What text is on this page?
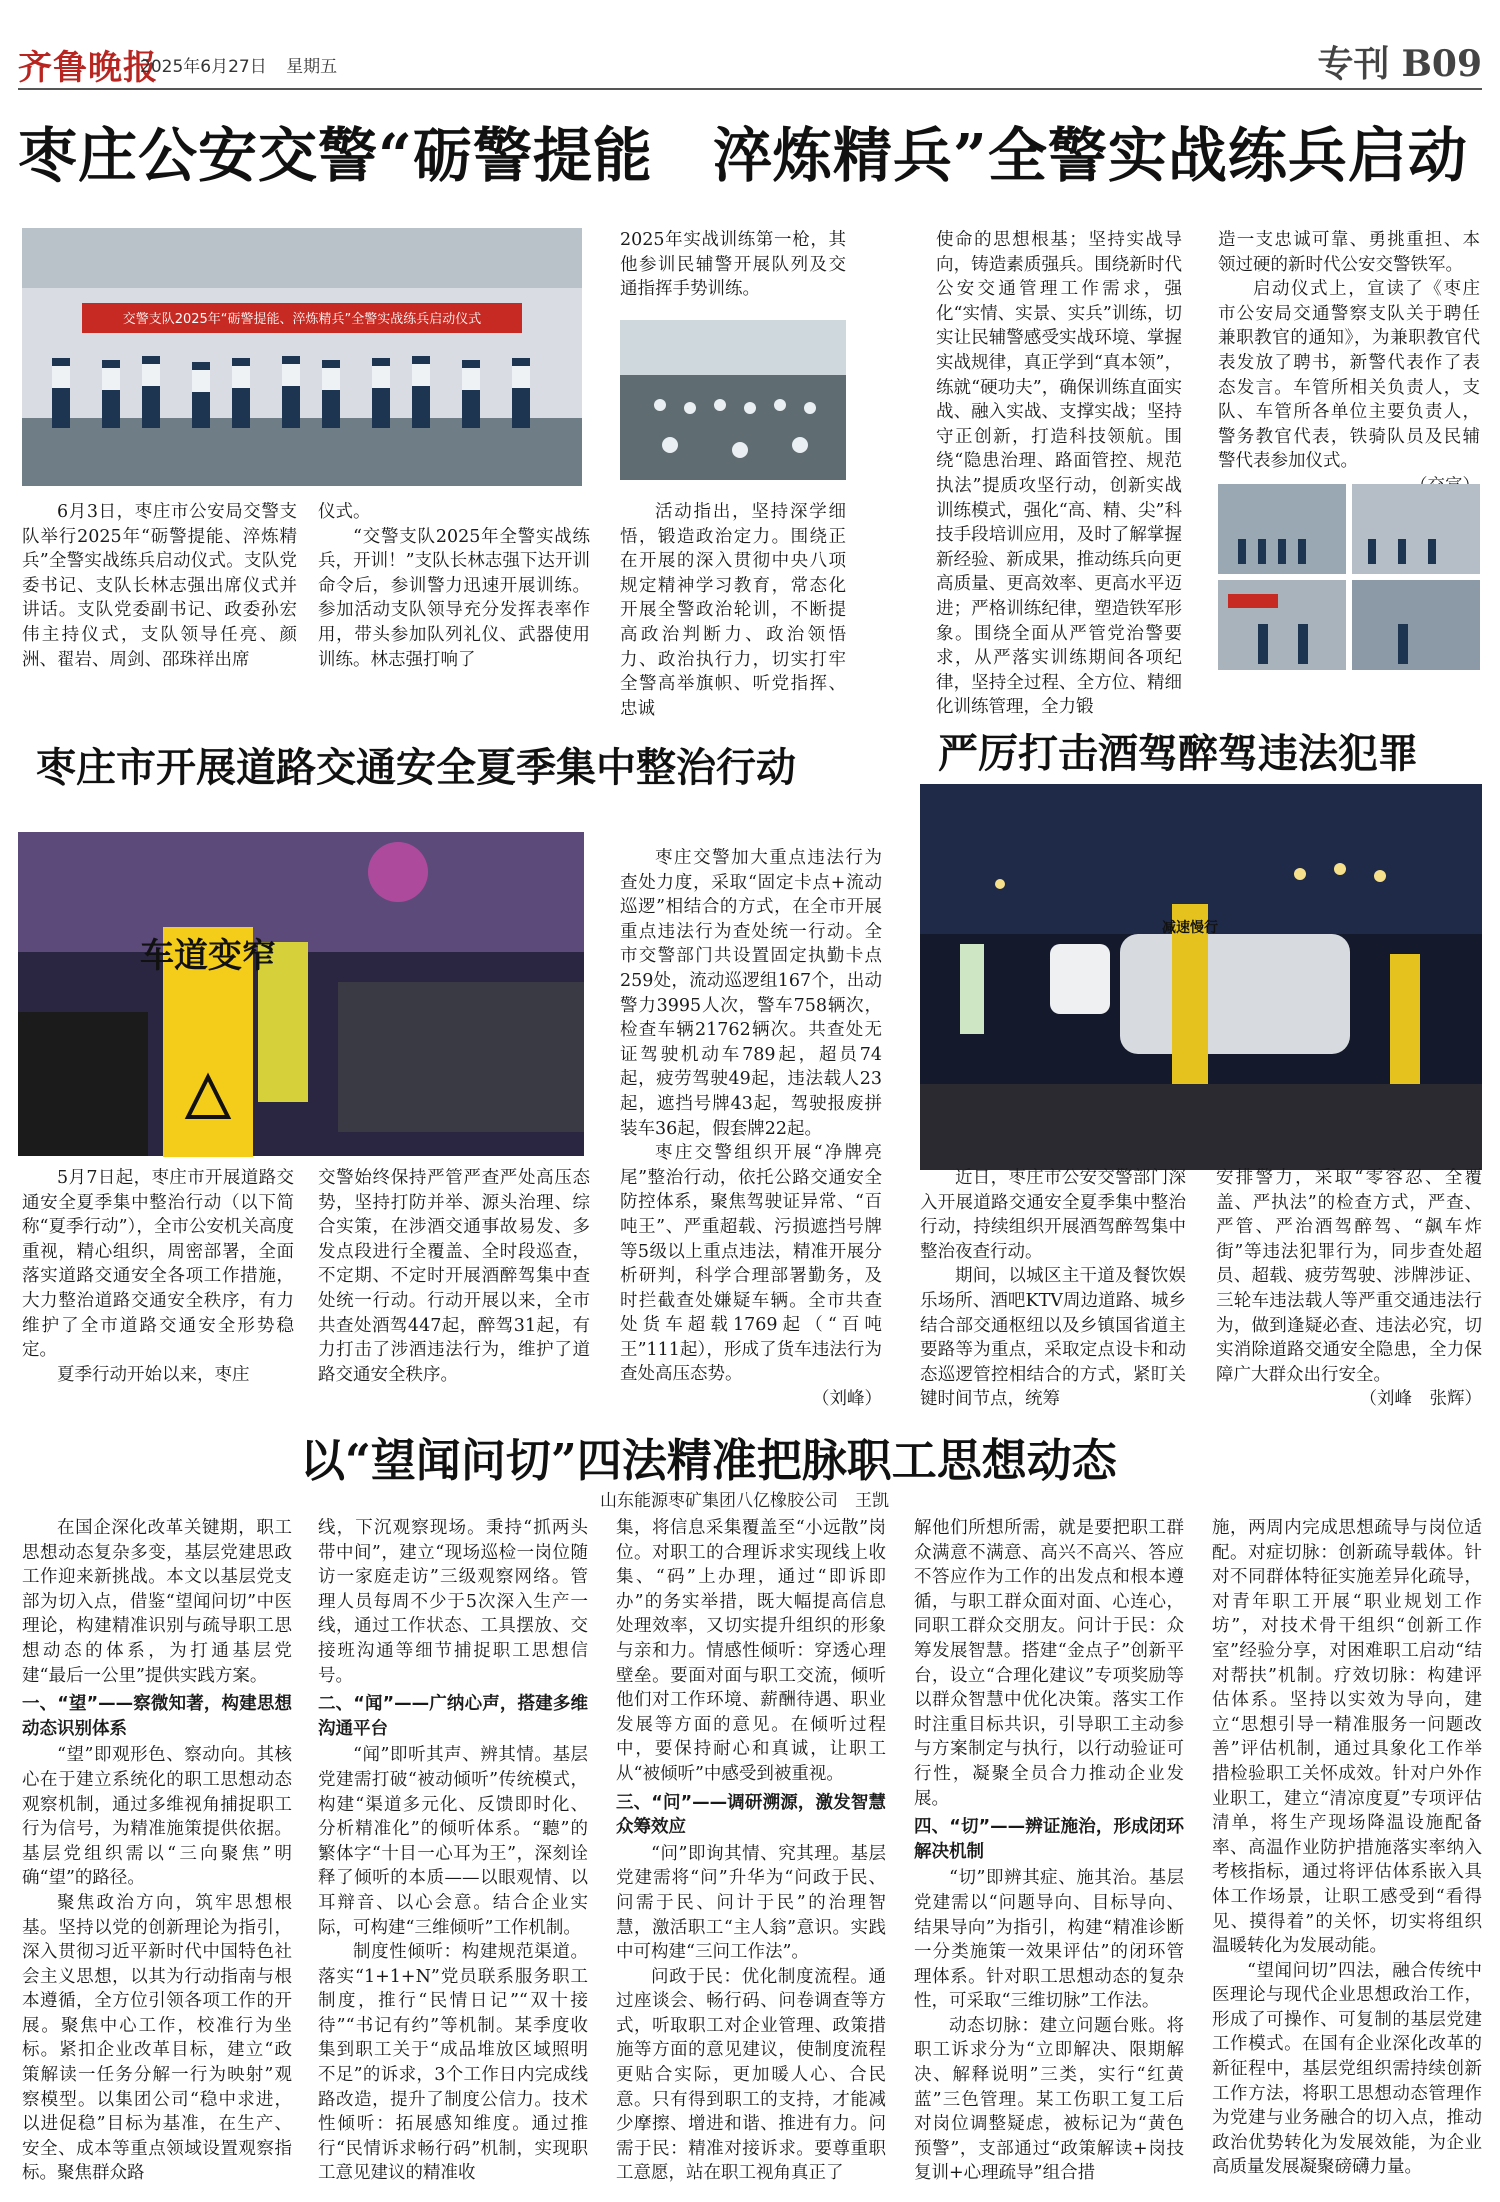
齐鲁晚报
2025年6月27日 星期五	专刊 B09
枣庄公安交警“砺警提能　淬炼精兵”全警实战练兵启动
交警支队2025年“砺警提能、淬炼精兵”全警实战练兵启动仪式

6月3日，枣庄市公安局交警支队举行2025年“砺警提能、淬炼精兵”全警实战练兵启动仪式。支队党委书记、支队长林志强出席仪式并讲话。支队党委副书记、政委孙宏伟主持仪式，支队领导任亮、颜洲、翟岩、周剑、邵珠祥出席

仪式。

“交警支队2025年全警实战练兵，开训！”支队长林志强下达开训命令后，参训警力迅速开展训练。参加活动支队领导充分发挥表率作用，带头参加队列礼仪、武器使用训练。林志强打响了

2025年实战训练第一枪，其他参训民辅警开展队列及交通指挥手势训练。

活动指出，坚持深学细悟，锻造政治定力。围绕正在开展的深入贯彻中央八项规定精神学习教育，常态化开展全警政治轮训，不断提高政治判断力、政治领悟力、政治执行力，切实打牢全警高举旗帜、听党指挥、忠诚

使命的思想根基；坚持实战导向，铸造素质强兵。围绕新时代公安交通管理工作需求，强化“实情、实景、实兵”训练，切实让民辅警感受实战环境、掌握实战规律，真正学到“真本领”，练就“硬功夫”，确保训练直面实战、融入实战、支撑实战；坚持守正创新，打造科技领航。围绕“隐患治理、路面管控、规范执法”提质攻坚行动，创新实战训练模式，强化“高、精、尖”科技手段培训应用，及时了解掌握新经验、新成果，推动练兵向更高质量、更高效率、更高水平迈进；严格训练纪律，塑造铁军形象。围绕全面从严管党治警要求，从严落实训练期间各项纪律，坚持全过程、全方位、精细化训练管理，全力锻

造一支忠诚可靠、勇挑重担、本领过硬的新时代公安交警铁军。

启动仪式上，宣读了《枣庄市公安局交通警察支队关于聘任兼职教官的通知》，为兼职教官代表发放了聘书，新警代表作了表态发言。车管所相关负责人，支队、车管所各单位主要负责人，警务教官代表，铁骑队员及民辅警代表参加仪式。

枣庄市开展道路交通安全夏季集中整治行动
车道变窄

枣庄交警加大重点违法行为查处力度，采取“固定卡点+流动巡逻”相结合的方式，在全市开展重点违法行为查处统一行动。全市交警部门共设置固定执勤卡点259处，流动巡逻组167个，出动警力3995人次，警车758辆次，检查车辆21762辆次。共查处无证驾驶机动车789起，超员74起，疲劳驾驶49起，违法载人23起，遮挡号牌43起，驾驶报废拼装车36起，假套牌22起。

枣庄交警组织开展“净牌亮尾”整治行动，依托公路交通安全防控体系，聚焦驾驶证异常、“百吨王”、严重超载、污损遮挡号牌等5级以上重点违法，精准开展分析研判，科学合理部署勤务，及时拦截查处嫌疑车辆。全市共查处货车超载1769起（“百吨王”111起），形成了货车违法行为查处高压态势。

（刘峰）

5月7日起，枣庄市开展道路交通安全夏季集中整治行动（以下简称“夏季行动”），全市公安机关高度重视，精心组织，周密部署，全面落实道路交通安全各项工作措施，大力整治道路交通安全秩序，有力维护了全市道路交通安全形势稳定。

夏季行动开始以来，枣庄

交警始终保持严管严查严处高压态势，坚持打防并举、源头治理、综合实策，在涉酒交通事故易发、多发点段进行全覆盖、全时段巡查，不定期、不定时开展酒醉驾集中查处统一行动。行动开展以来，全市共查处酒驾447起，醉驾31起，有力打击了涉酒违法行为，维护了道路交通安全秩序。

严厉打击酒驾醉驾违法犯罪
减速慢行

近日，枣庄市公安交警部门深入开展道路交通安全夏季集中整治行动，持续组织开展酒驾醉驾集中整治夜查行动。

期间，以城区主干道及餐饮娱乐场所、酒吧KTV周边道路、城乡结合部交通枢纽以及乡镇国省道主要路等为重点，采取定点设卡和动态巡逻管控相结合的方式，紧盯关键时间节点，统筹

安排警力，采取“零容忍、全覆盖、严执法”的检查方式，严查、严管、严治酒驾醉驾、“飙车炸街”等违法犯罪行为，同步查处超员、超载、疲劳驾驶、涉牌涉证、三轮车违法载人等严重交通违法行为，做到逢疑必查、违法必究，切实消除道路交通安全隐患，全力保障广大群众出行安全。

（刘峰　张辉）
以“望闻问切”四法精准把脉职工思想动态
山东能源枣矿集团八亿橡胶公司　王凯

在国企深化改革关键期，职工思想动态复杂多变，基层党建思政工作迎来新挑战。本文以基层党支部为切入点，借鉴“望闻问切”中医理论，构建精准识别与疏导职工思想动态的体系，为打通基层党建“最后一公里”提供实践方案。

一、“望”——察微知著，构建思想动态识别体系

“望”即观形色、察动向。其核心在于建立系统化的职工思想动态观察机制，通过多维视角捕捉职工行为信号，为精准施策提供依据。基层党组织需以“三向聚焦”明确“望”的路径。

聚焦政治方向，筑牢思想根基。坚持以党的创新理论为指引，深入贯彻习近平新时代中国特色社会主义思想，以其为行动指南与根本遵循，全方位引领各项工作的开展。聚焦中心工作，校准行为坐标。紧扣企业改革目标，建立“政策解读一任务分解一行为映射”观察模型。以集团公司“稳中求进，以进促稳”目标为基准，在生产、安全、成本等重点领域设置观察指标。聚焦群众路

线，下沉观察现场。秉持“抓两头带中间”，建立“现场巡检一岗位随访一家庭走访”三级观察网络。管理人员每周不少于5次深入生产一线，通过工作状态、工具摆放、交接班沟通等细节捕捉职工思想信号。

二、“闻”——广纳心声，搭建多维沟通平台

“闻”即听其声、辨其情。基层党建需打破“被动倾听”传统模式，构建“渠道多元化、反馈即时化、分析精准化”的倾听体系。“聽”的繁体字“十目一心耳为王”，深刻诠释了倾听的本质——以眼观情、以耳辩音、以心会意。结合企业实际，可构建“三维倾听”工作机制。

制度性倾听：构建规范渠道。落实“1+1+N”党员联系服务职工制度，推行“民情日记”“双十接待”“书记有约”等机制。某季度收集到职工关于“成品堆放区域照明不足”的诉求，3个工作日内完成线路改造，提升了制度公信力。技术性倾听：拓展感知维度。通过推行“民情诉求畅行码”机制，实现职工意见建议的精准收

集，将信息采集覆盖至“小远散”岗位。对职工的合理诉求实现线上收集、“码”上办理，通过“即诉即办”的务实举措，既大幅提高信息处理效率，又切实提升组织的形象与亲和力。情感性倾听：穿透心理壁垒。要面对面与职工交流，倾听他们对工作环境、薪酬待遇、职业发展等方面的意见。在倾听过程中，要保持耐心和真诚，让职工从“被倾听”中感受到被重视。

三、“问”——调研溯源，激发智慧众筹效应

“问”即询其情、究其理。基层党建需将“问”升华为“问政于民、问需于民、问计于民”的治理智慧，激活职工“主人翁”意识。实践中可构建“三问工作法”。

问政于民：优化制度流程。通过座谈会、畅行码、问卷调查等方式，听取职工对企业管理、政策措施等方面的意见建议，使制度流程更贴合实际，更加暖人心、合民意。只有得到职工的支持，才能减少摩擦、增进和谐、推进有力。问需于民：精准对接诉求。要尊重职工意愿，站在职工视角真正了

解他们所想所需，就是要把职工群众满意不满意、高兴不高兴、答应不答应作为工作的出发点和根本遵循，与职工群众面对面、心连心，同职工群众交朋友。问计于民：众筹发展智慧。搭建“金点子”创新平台，设立“合理化建议”专项奖励等以群众智慧中优化决策。落实工作时注重目标共识，引导职工主动参与方案制定与执行，以行动验证可行性，凝聚全员合力推动企业发展。

四、“切”——辨证施治，形成闭环解决机制

“切”即辨其症、施其治。基层党建需以“问题导向、目标导向、结果导向”为指引，构建“精准诊断一分类施策一效果评估”的闭环管理体系。针对职工思想动态的复杂性，可采取“三维切脉”工作法。

动态切脉：建立问题台账。将职工诉求分为“立即解决、限期解决、解释说明”三类，实行“红黄蓝”三色管理。某工伤职工复工后对岗位调整疑虑，被标记为“黄色预警”，支部通过“政策解读+岗技复训+心理疏导”组合措

施，两周内完成思想疏导与岗位适配。对症切脉：创新疏导载体。针对不同群体特征实施差异化疏导，对青年职工开展“职业规划工作坊”，对技术骨干组织“创新工作室”经验分享，对困难职工启动“结对帮扶”机制。疗效切脉：构建评估体系。坚持以实效为导向，建立“思想引导一精准服务一问题改善”评估机制，通过具象化工作举措检验职工关怀成效。针对户外作业职工，建立“清凉度夏”专项评估清单，将生产现场降温设施配备率、高温作业防护措施落实率纳入考核指标，通过将评估体系嵌入具体工作场景，让职工感受到“看得见、摸得着”的关怀，切实将组织温暖转化为发展动能。

“望闻问切”四法，融合传统中医理论与现代企业思想政治工作，形成了可操作、可复制的基层党建工作模式。在国有企业深化改革的新征程中，基层党组织需持续创新工作方法，将职工思想动态管理作为党建与业务融合的切入点，推动政治优势转化为发展效能，为企业高质量发展凝聚磅礴力量。
